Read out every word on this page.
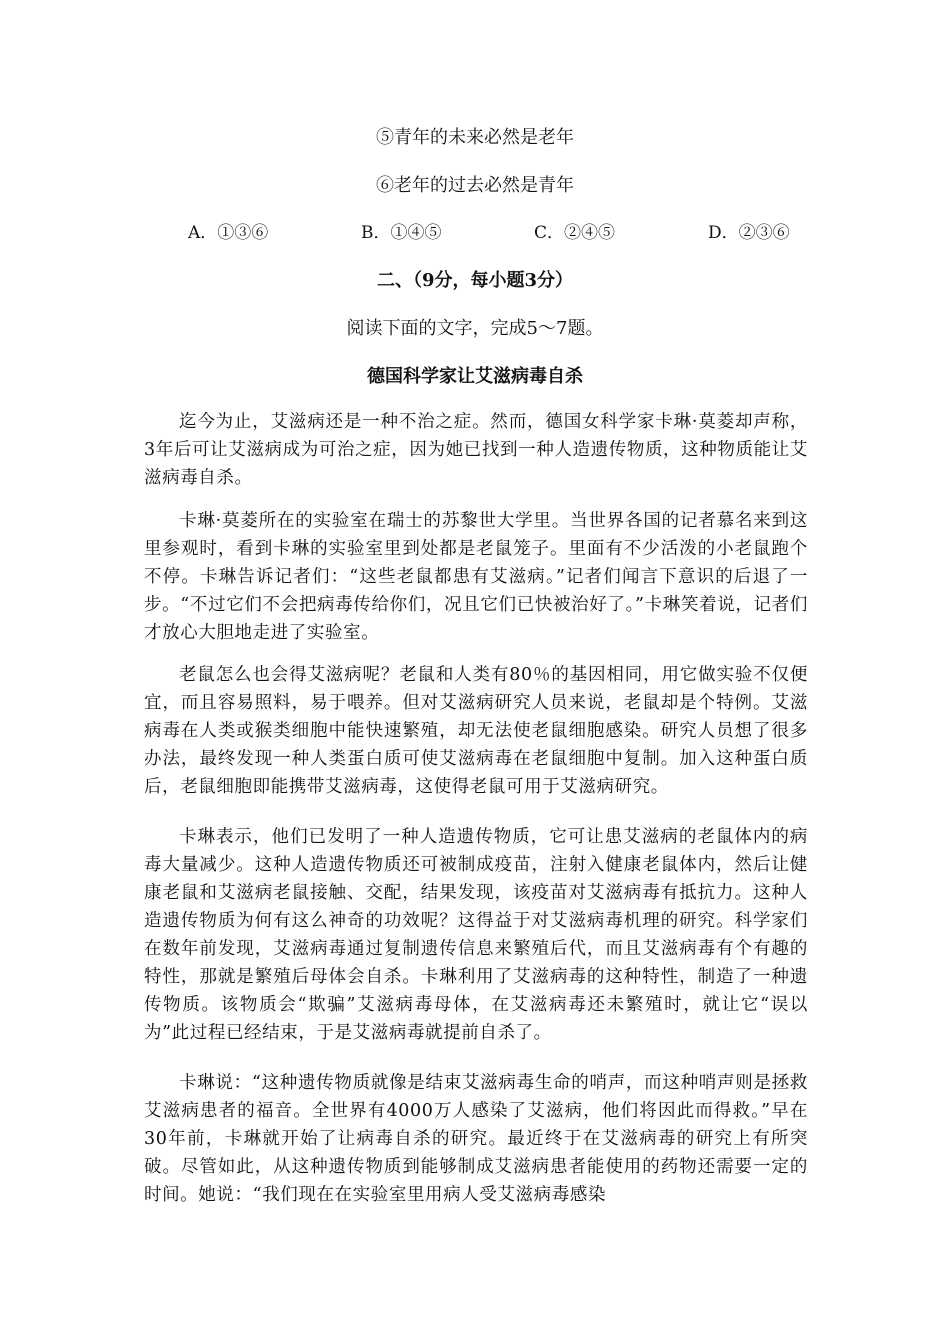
⑤青年的未来必然是老年
⑥老年的过去必然是青年
A．①③⑥	B．①④⑤	C．②④⑤	D．②③⑥
二、（9分，每小题3分）
阅读下面的文字，完成5～7题。
德国科学家让艾滋病毒自杀

迄今为止，艾滋病还是一种不治之症。然而，德国女科学家卡琳·莫菱却声称，3年后可让艾滋病成为可治之症，因为她已找到一种人造遗传物质，这种物质能让艾滋病毒自杀。

卡琳·莫菱所在的实验室在瑞士的苏黎世大学里。当世界各国的记者慕名来到这里参观时，看到卡琳的实验室里到处都是老鼠笼子。里面有不少活泼的小老鼠跑个不停。卡琳告诉记者们：“这些老鼠都患有艾滋病。”记者们闻言下意识的后退了一步。“不过它们不会把病毒传给你们，况且它们已快被治好了。”卡琳笑着说，记者们才放心大胆地走进了实验室。

老鼠怎么也会得艾滋病呢？老鼠和人类有80％的基因相同，用它做实验不仅便宜，而且容易照料，易于喂养。但对艾滋病研究人员来说，老鼠却是个特例。艾滋病毒在人类或猴类细胞中能快速繁殖，却无法使老鼠细胞感染。研究人员想了很多办法，最终发现一种人类蛋白质可使艾滋病毒在老鼠细胞中复制。加入这种蛋白质后，老鼠细胞即能携带艾滋病毒，这使得老鼠可用于艾滋病研究。

卡琳表示，他们已发明了一种人造遗传物质，它可让患艾滋病的老鼠体内的病毒大量减少。这种人造遗传物质还可被制成疫苗，注射入健康老鼠体内，然后让健康老鼠和艾滋病老鼠接触、交配，结果发现，该疫苗对艾滋病毒有抵抗力。这种人造遗传物质为何有这么神奇的功效呢？这得益于对艾滋病毒机理的研究。科学家们在数年前发现，艾滋病毒通过复制遗传信息来繁殖后代，而且艾滋病毒有个有趣的特性，那就是繁殖后母体会自杀。卡琳利用了艾滋病毒的这种特性，制造了一种遗传物质。该物质会“欺骗”艾滋病毒母体，在艾滋病毒还未繁殖时，就让它“误以为”此过程已经结束，于是艾滋病毒就提前自杀了。

卡琳说：“这种遗传物质就像是结束艾滋病毒生命的哨声，而这种哨声则是拯救艾滋病患者的福音。全世界有4000万人感染了艾滋病，他们将因此而得救。”早在30年前，卡琳就开始了让病毒自杀的研究。最近终于在艾滋病毒的研究上有所突破。尽管如此，从这种遗传物质到能够制成艾滋病患者能使用的药物还需要一定的时间。她说：“我们现在在实验室里用病人受艾滋病毒感染
